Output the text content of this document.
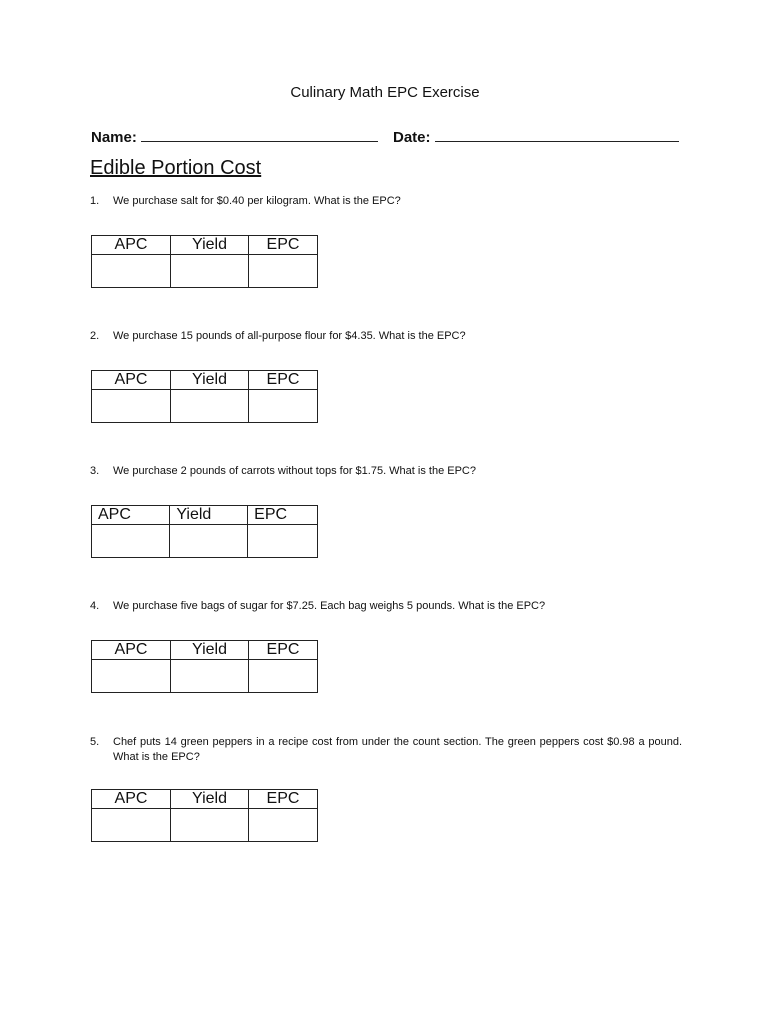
Culinary Math EPC Exercise
Name:	Date:
Edible Portion Cost
1. We purchase salt for $0.40 per kilogram. What is the EPC?
APC	Yield	EPC

2. We purchase 15 pounds of all-purpose flour for $4.35. What is the EPC?
APC	Yield	EPC

3. We purchase 2 pounds of carrots without tops for $1.75. What is the EPC?
APC	Yield	EPC

4. We purchase five bags of sugar for $7.25. Each bag weighs 5 pounds. What is the EPC?
APC	Yield	EPC

5. Chef puts 14 green peppers in a recipe cost from under the count section. The green peppers cost $0.98 a pound. What is the EPC?
APC	Yield	EPC
